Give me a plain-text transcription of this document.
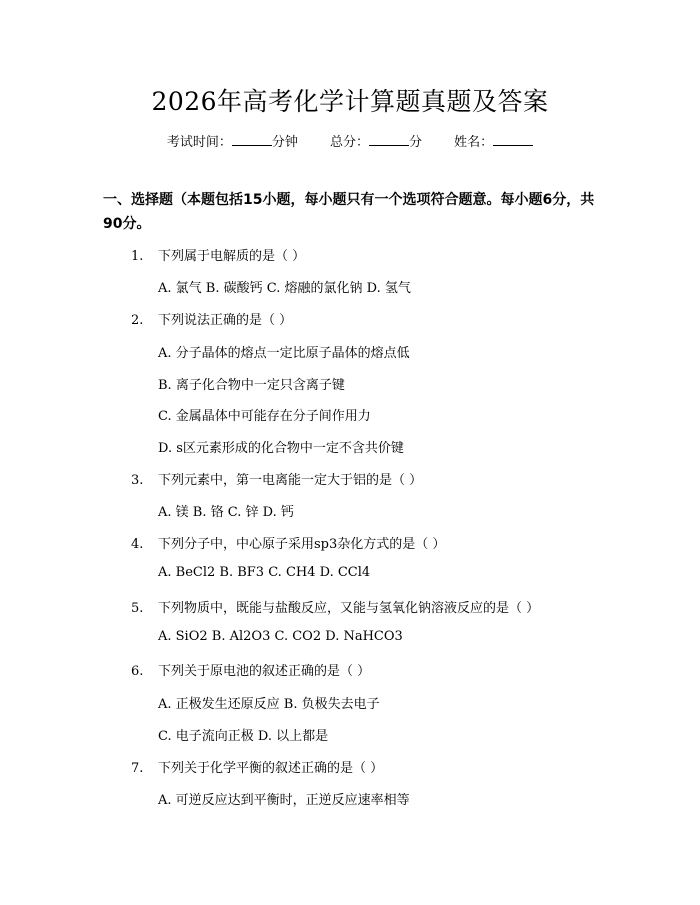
2026年高考化学计算题真题及答案
考试时间：	分钟 总分：	分 姓名：
一、选择题（本题包括15小题，每小题只有一个选项符合题意。每小题6分，共90分。
1. 下列属于电解质的是（ ）
A. 氯气 B. 碳酸钙 C. 熔融的氯化钠 D. 氢气
2. 下列说法正确的是（ ）
A. 分子晶体的熔点一定比原子晶体的熔点低
B. 离子化合物中一定只含离子键
C. 金属晶体中可能存在分子间作用力
D. s区元素形成的化合物中一定不含共价键
3. 下列元素中，第一电离能一定大于铝的是（ ）
A. 镁 B. 铬 C. 锌 D. 钙
4. 下列分子中，中心原子采用sp3杂化方式的是（ ）
A. BeCl2 B. BF3 C. CH4 D. CCl4
5. 下列物质中，既能与盐酸反应，又能与氢氧化钠溶液反应的是（ ）
A. SiO2 B. Al2O3 C. CO2 D. NaHCO3
6. 下列关于原电池的叙述正确的是（ ）
A. 正极发生还原反应 B. 负极失去电子
C. 电子流向正极 D. 以上都是
7. 下列关于化学平衡的叙述正确的是（ ）
A. 可逆反应达到平衡时，正逆反应速率相等
